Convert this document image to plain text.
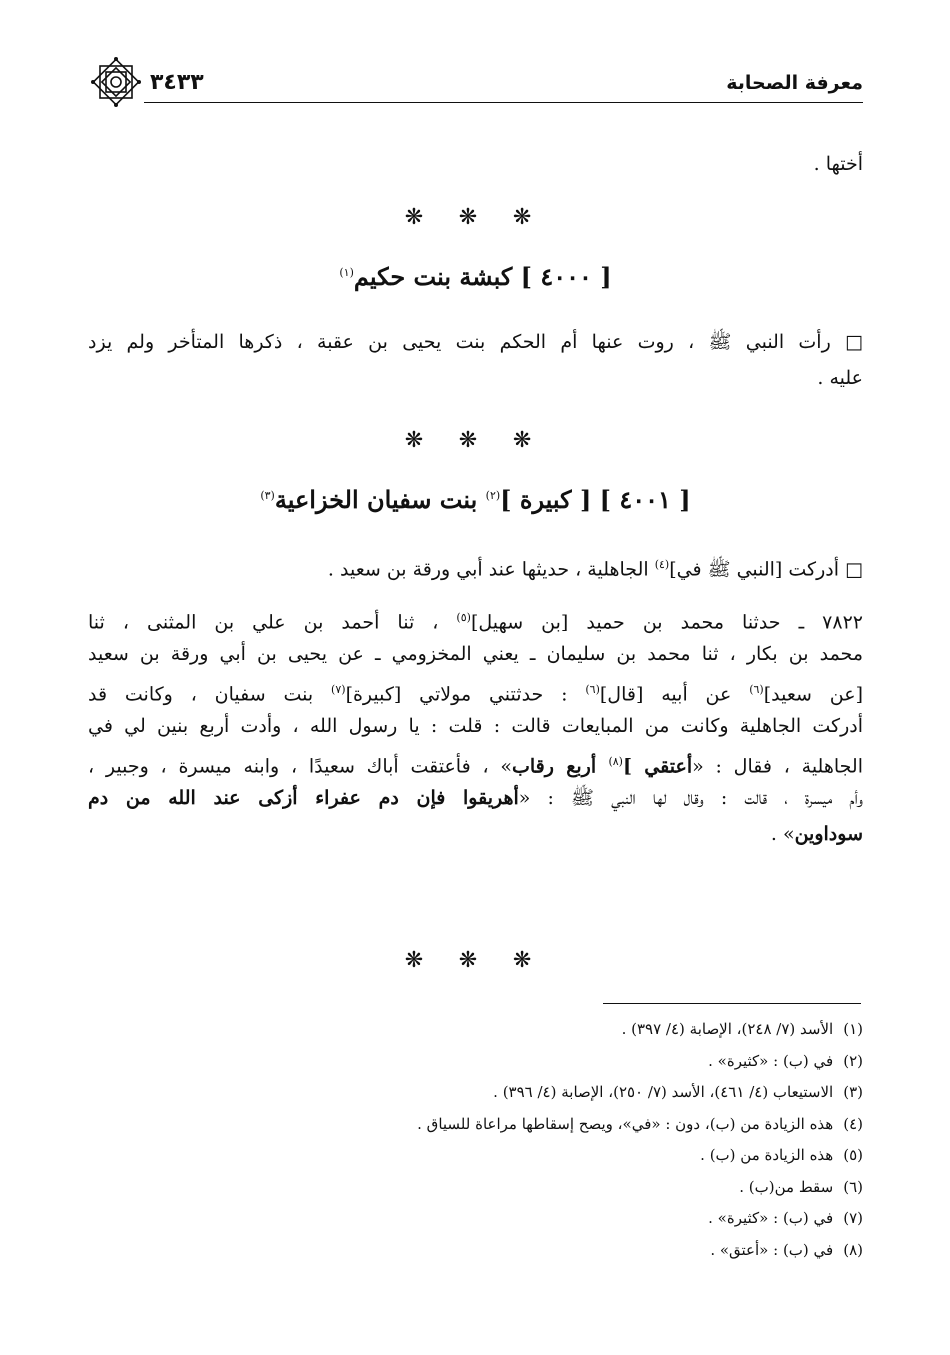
٣٤٣٣	معرفة الصحابة
أختها .
❋ ❋ ❋
[ ٤٠٠٠ ] كبشة بنت حكيم$^{(١)}$
□ رأت النبي ﷺ ، روت عنها أم الحكم بنت يحيى بن عقبة ، ذكرها المتأخر ولم يزد
عليه .
❋ ❋ ❋
[ ٤٠٠١ ] [ كبيرة ]$^{(٢)}$ بنت سفيان الخزاعية$^{(٣)}$
□ أدركت [النبي ﷺ في]$^{(٤)}$ الجاهلية ، حديثها عند أبي ورقة بن سعيد .
٧٨٢٢ ـ حدثنا محمد بن حميد [بن سهيل]$^{(٥)}$ ، ثنا أحمد بن علي بن المثنى ، ثنا
محمد بن بكار ، ثنا محمد بن سليمان ـ يعني المخزومي ـ عن يحيى بن أبي ورقة بن سعيد
[عن سعيد]$^{(٦)}$ عن أبيه [قال]$^{(٦)}$ : حدثتني مولاتي [كبيرة]$^{(٧)}$ بنت سفيان ، وكانت قد
أدركت الجاهلية وكانت من المبايعات قالت : قلت : يا رسول الله ، وأدت أربع بنين لي في
الجاهلية ، فقال : «أعتقي ]$^{(٨)}$ أربع رقاب» ، فأعتقت أباك سعيدًا ، وابنه ميسرة ، وجبير ،
وأم ميسرة ، قالت : وقال لها النبي ﷺ : «أهريقوا فإن دم عفراء أزكى عند الله من دم
سوداوين» .
❋ ❋ ❋
(١)الأسد (٧/ ٢٤٨)، الإصابة (٤/ ٣٩٧) .
(٢)في (ب) : «كثيرة» .
(٣)الاستيعاب (٤/ ٤٦١)، الأسد (٧/ ٢٥٠)، الإصابة (٤/ ٣٩٦) .
(٤)هذه الزيادة من (ب)، دون : «في»، ويصح إسقاطها مراعاة للسياق .
(٥)هذه الزيادة من (ب) .
(٦)سقط من(ب) .
(٧)في (ب) : «كثيرة» .
(٨)في (ب) : «أعتق» .
